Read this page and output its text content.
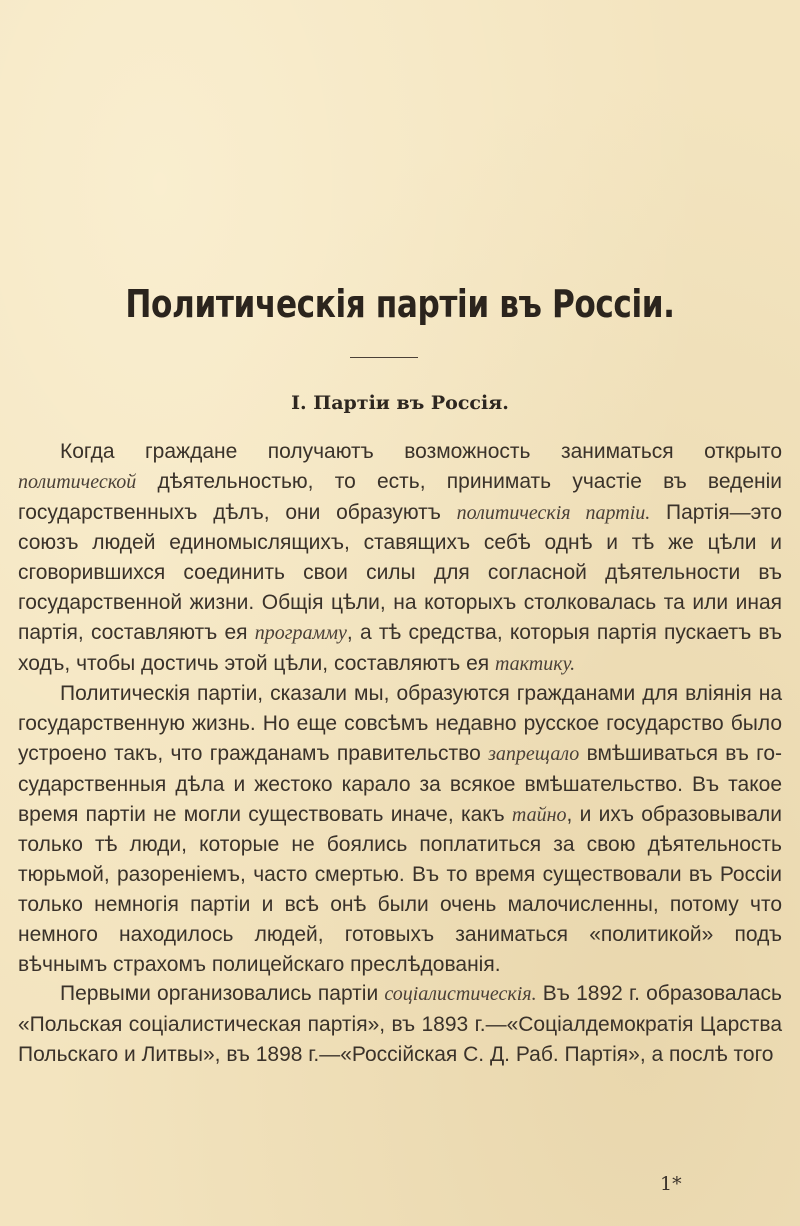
Политическія партіи въ Россіи.
I. Партіи въ Россія.

Когда граждане получаютъ возможность заниматься открыто политической дѣятельностью, то есть, принимать участіе въ веденіи государственныхъ дѣлъ, они образуютъ политическія партіи. Партія—это союзъ людей единомыслящихъ, ставящихъ себѣ однѣ и тѣ же цѣли и сговорившихся соединить свои силы для согласной дѣятельности въ государственной жизни. Общія цѣли, на которыхъ столковалась та или иная партія, составляютъ ея программу, а тѣ средства, которыя партія пускаетъ въ ходъ, чтобы достичь этой цѣли, составляютъ ея тактику.

Политическія партіи, сказали мы, образуются гражданами для вліянія на государственную жизнь. Но еще совсѣмъ недавно русское государство было устроено такъ, что гражданамъ правительство запрещало вмѣшиваться въ государственныя дѣла и жестоко карало за всякое вмѣшательство. Въ такое время партіи не могли существовать иначе, какъ тайно, и ихъ образовывали только тѣ люди, которые не боялись поплатиться за свою дѣятельность тюрьмой, разореніемъ, часто смертью. Въ то время существовали въ Россіи только немногія партіи и всѣ онѣ были очень малочисленны, потому что немного находилось людей, готовыхъ заниматься «политикой» подъ вѣчнымъ страхомъ полицейскаго преслѣдованія.

Первыми организовались партіи соціалистическія. Въ 1892 г. образовалась «Польская соціалистическая партія», въ 1893 г.—«Соціалдемократія Царства Польскаго и Литвы», въ 1898 г.—«Россійская С. Д. Раб. Партія», а послѣ того

1*
